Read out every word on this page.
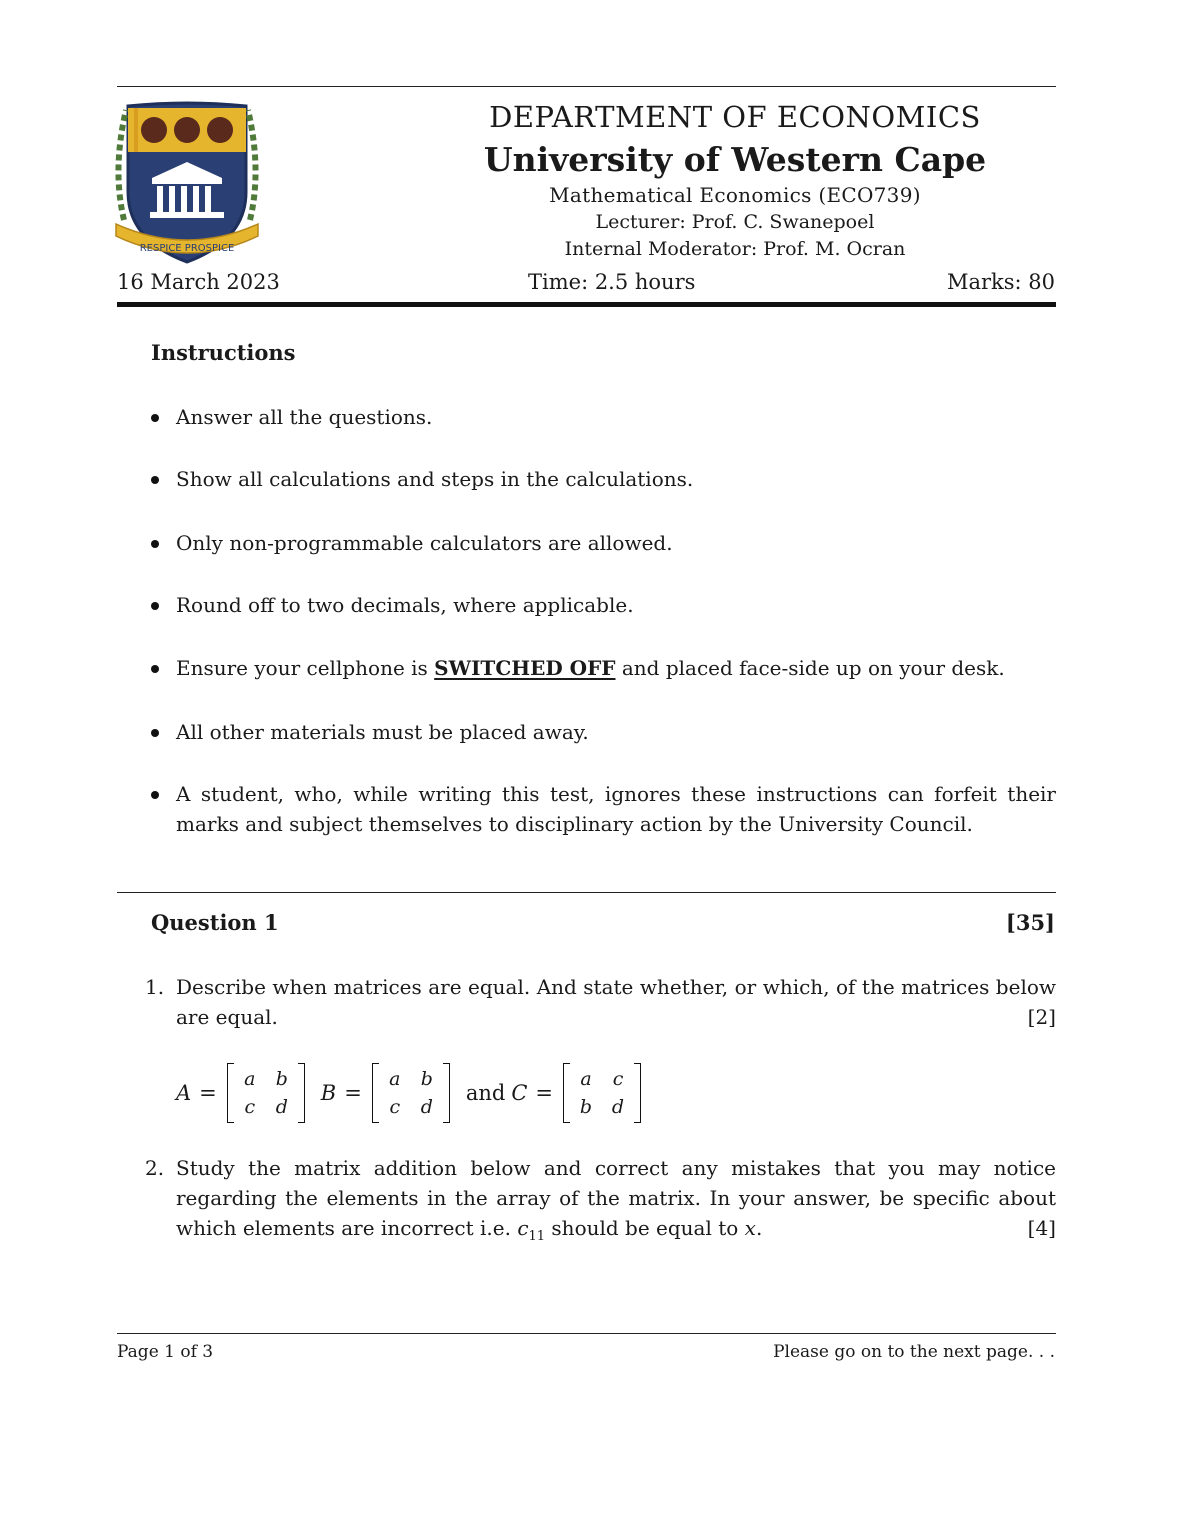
RESPICE PROSPICE
DEPARTMENT OF ECONOMICS
University of Western Cape
Mathematical Economics (ECO739)
Lecturer: Prof. C. Swanepoel
Internal Moderator: Prof. M. Ocran
16 March 2023	Time: 2.5 hours	Marks: 80
Instructions
Answer all the questions.
Show all calculations and steps in the calculations.
Only non-programmable calculators are allowed.
Round off to two decimals, where applicable.
Ensure your cellphone is SWITCHED OFF and placed face-side up on your desk.
All other materials must be placed away.
A student, who, while writing this test, ignores these instructions can forfeit their marks and subject themselves to disciplinary action by the University Council.
Question 1	[35]
1. Describe when matrices are equal. And state whether, or which, of the matrices below are equal.	[2]
A =
a	b
c	d
B =
a	b
c	d
and C =
a	c
b	d
2. Study the matrix addition below and correct any mistakes that you may notice regarding the elements in the array of the matrix. In your answer, be specific about which elements are incorrect i.e. $c_{11}$ should be equal to x.	[4]
Page 1 of 3	Please go on to the next page. . .
